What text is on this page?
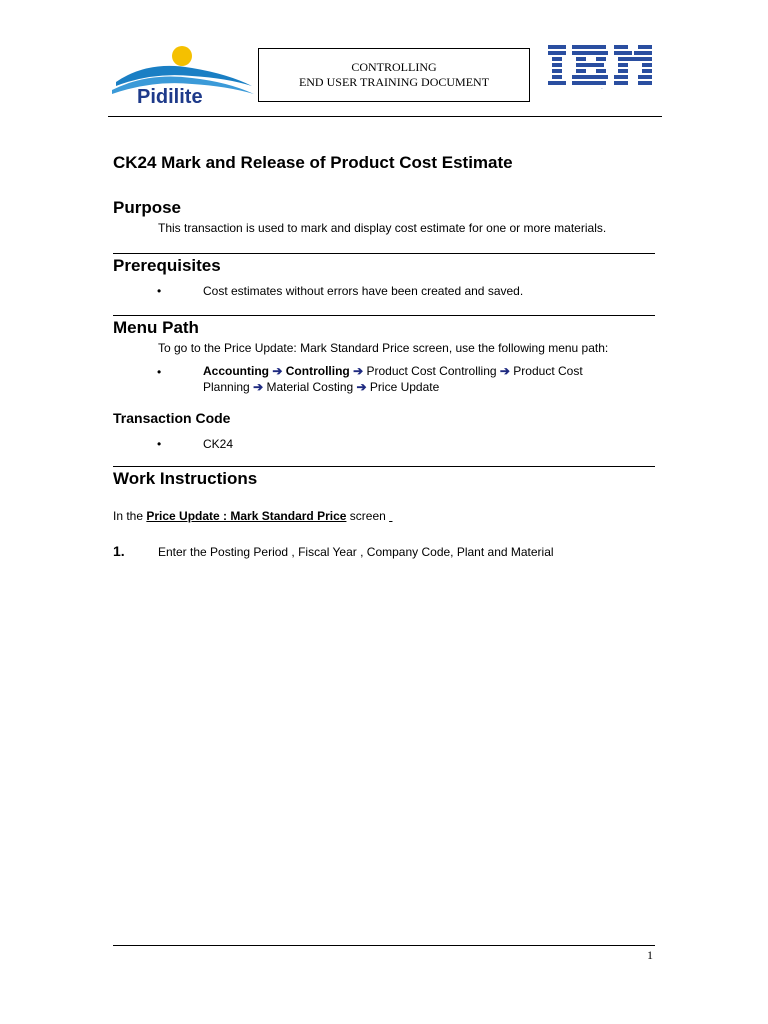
Pidilite
CONTROLLING
END USER TRAINING DOCUMENT
IBM
CK24 Mark and Release of Product Cost Estimate
Purpose
This transaction is used to mark and display cost estimate for one or more materials.
Prerequisites
•	Cost estimates without errors have been created and saved.
Menu Path
To go to the Price Update: Mark Standard Price screen, use the following menu path:
•	Accounting ➔ Controlling ➔ Product Cost Controlling ➔ Product Cost Planning ➔ Material Costing ➔ Price Update
Transaction Code
•	CK24
Work Instructions
In the Price Update : Mark Standard Price screen
1.	Enter the Posting Period , Fiscal Year , Company Code, Plant and Material
1
